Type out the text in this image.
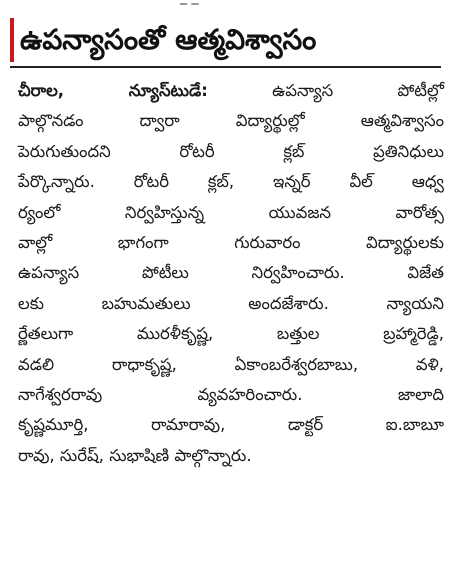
ఉపన్యాసంతో ఆత్మవిశ్వాసం
చీరాల, న్యూస్‌టుడే:	ఉపన్యాస పోటీల్లో
పాల్గొనడం ద్వారా విద్యార్థుల్లో ఆత్మవిశ్వాసం
పెరుగుతుందని రోటరీ క్లబ్ ప్రతినిధులు
పేర్కొన్నారు. రోటరీ క్లబ్, ఇన్నర్ వీల్ ఆధ్వ
ర్యంలో నిర్వహిస్తున్న యువజన వారోత్స
వాల్లో భాగంగా గురువారం విద్యార్థులకు
ఉపన్యాస పోటీలు నిర్వహించారు. విజేత
లకు బహుమతులు అందజేశారు. న్యాయని
ర్ణేతలుగా మురళీకృష్ణ, బత్తుల బ్రహ్మారెడ్డి,
వడలి రాధాకృష్ణ, ఏకాంబరేశ్వరబాబు, వళి,
నాగేశ్వరరావు వ్యవహరించారు. జాలాది
కృష్ణమూర్తి, రామారావు, డాక్టర్ ఐ.బాబూ
రావు, సురేష్, సుభాషిణి పాల్గొన్నారు.
